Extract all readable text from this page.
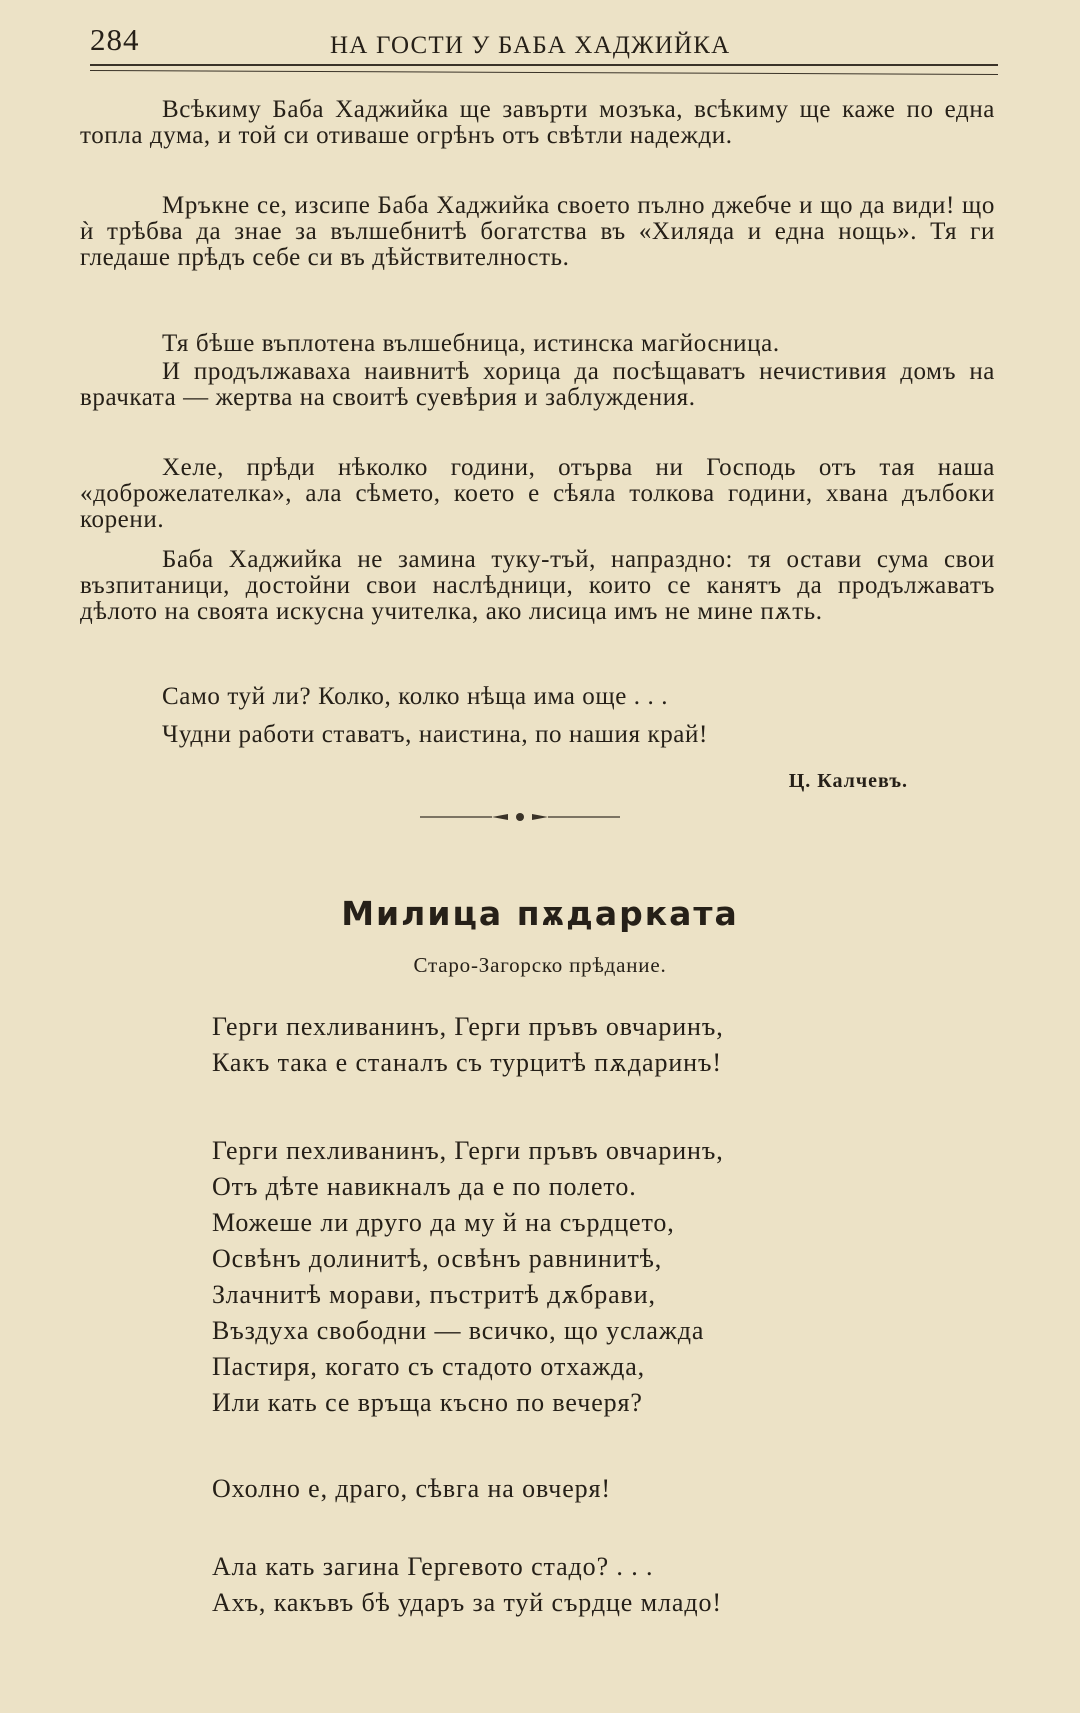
284	НА ГОСТИ У БАБА ХАДЖИЙКА

Всѣкиму Баба Хаджийка ще завърти мозъка, всѣкиму ще каже по една топла дума, и той си отиваше огрѣнъ отъ свѣтли надежди.

Мръкне се, изсипе Баба Хаджийка своето пълно джебче и що да види! що ѝ трѣбва да знае за вълшебнитѣ богатства въ «Хиляда и една нощь». Тя ги гледаше прѣдъ себе си въ дѣйствителность.

Тя бѣше въплотена вълшебница, истинска магйосница.

И продължаваха наивнитѣ хорица да посѣщаватъ нечистивия домъ на врачката — жертва на своитѣ суевѣрия и заблуждения.

Хеле, прѣди нѣколко години, отърва ни Господь отъ тая наша «доброжелателка», ала сѣмето, което е сѣяла толкова години, хвана дълбоки корени.

Баба Хаджийка не замина туку-тъй, напраздно: тя остави сума свои възпитаници, достойни свои наслѣдници, които се канятъ да продължаватъ дѣлото на своята искусна учителка, ако лисица имъ не мине пѫть.

Само туй ли? Колко, колко нѣща има още . . .

Чудни работи ставатъ, наистина, по нашия край!

Ц. Калчевъ.
Милица пѫдарката
Старо-Загорско прѣдание.
Герги пехливанинъ, Герги пръвъ овчаринъ,
Какъ така е станалъ съ турцитѣ пѫдаринъ!
Герги пехливанинъ, Герги пръвъ овчаринъ,
Отъ дѣте навикналъ да е по полето.
Можеше ли друго да му й на сърдцето,
Освѣнъ долинитѣ, освѣнъ равнинитѣ,
Злачнитѣ морави, пъстритѣ дѫбрави,
Въздуха свободни — всичко, що услажда
Пастиря, когато съ стадото отхажда,
Или кать се връща късно по вечеря?
Охолно е, драго, сѣвга на овчеря!
Ала кать загина Гергевото стадо? . . .
Ахъ, какъвъ бѣ ударъ за туй сърдце младо!
